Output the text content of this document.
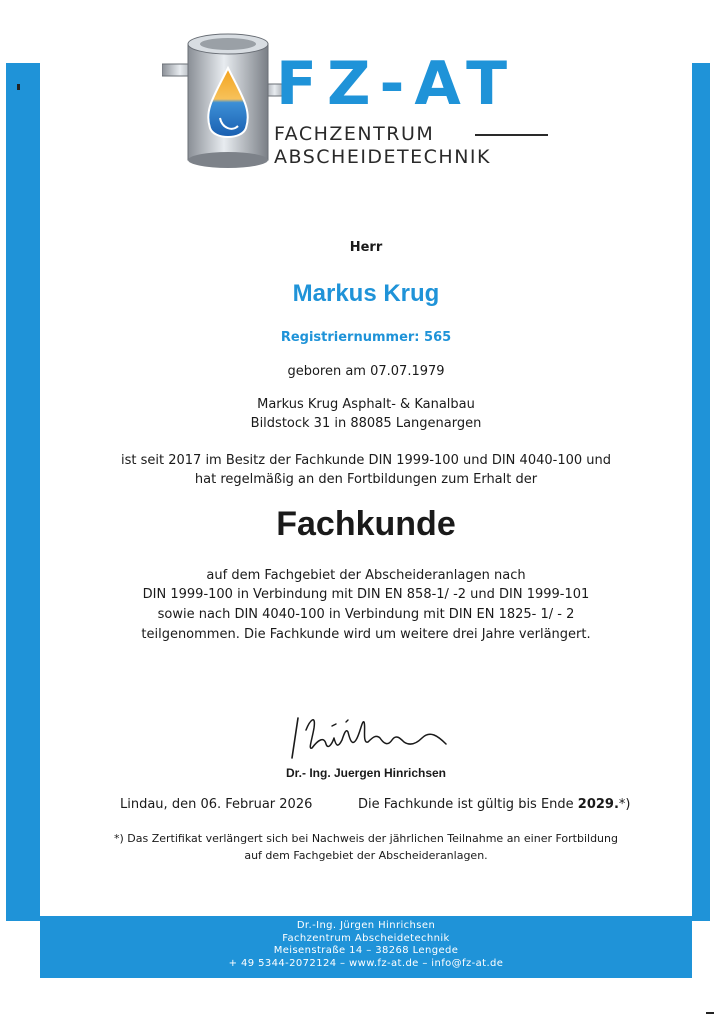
FZ-AT
FACHZENTRUM
ABSCHEIDETECHNIK
Herr
Markus Krug
Registriernummer: 565
geboren am 07.07.1979
Markus Krug Asphalt- & Kanalbau
Bildstock 31 in 88085 Langenargen
ist seit 2017 im Besitz der Fachkunde DIN 1999-100 und DIN 4040-100 und
hat regelmäßig an den Fortbildungen zum Erhalt der
Fachkunde
auf dem Fachgebiet der Abscheideranlagen nach
DIN 1999-100 in Verbindung mit DIN EN 858-1/ -2 und DIN 1999-101
sowie nach DIN 4040-100 in Verbindung mit DIN EN 1825- 1/ - 2
teilgenommen. Die Fachkunde wird um weitere drei Jahre verlängert.
Dr.- Ing. Juergen Hinrichsen
Lindau, den 06. Februar 2026	Die Fachkunde ist gültig bis Ende 2029.*)
*) Das Zertifikat verlängert sich bei Nachweis der jährlichen Teilnahme an einer Fortbildung
auf dem Fachgebiet der Abscheideranlagen.
Dr.-Ing. Jürgen Hinrichsen
Fachzentrum Abscheidetechnik
Meisenstraße 14 – 38268 Lengede
+ 49 5344-2072124 – www.fz-at.de – info@fz-at.de
